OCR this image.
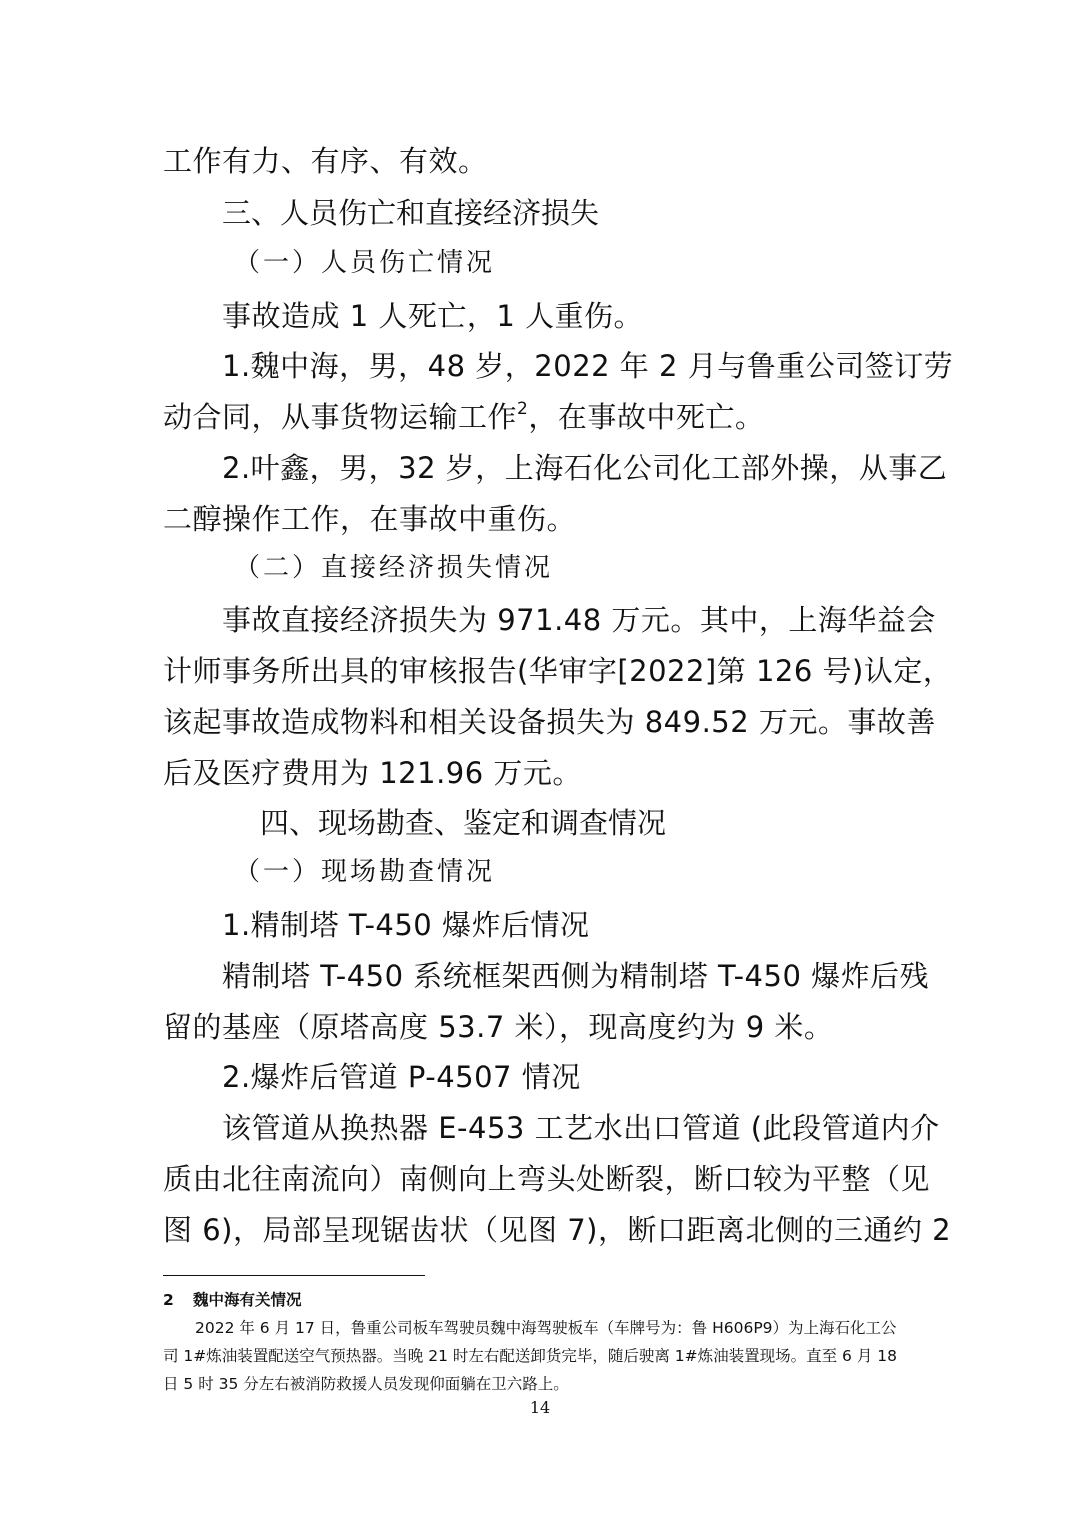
工作有力、有序、有效。
三、人员伤亡和直接经济损失
（一）人员伤亡情况
事故造成 1 人死亡，1 人重伤。
1.魏中海，男，48 岁，2022 年 2 月与鲁重公司签订劳
动合同，从事货物运输工作$^2$，在事故中死亡。
2.叶鑫，男，32 岁，上海石化公司化工部外操，从事乙
二醇操作工作，在事故中重伤。
（二）直接经济损失情况
事故直接经济损失为 971.48 万元。其中，上海华益会
计师事务所出具的审核报告(华审字[2022]第 126 号)认定，
该起事故造成物料和相关设备损失为 849.52 万元。事故善
后及医疗费用为 121.96 万元。
四、现场勘查、鉴定和调查情况
（一）现场勘查情况
1.精制塔 T-450 爆炸后情况
精制塔 T-450 系统框架西侧为精制塔 T-450 爆炸后残
留的基座（原塔高度 53.7 米），现高度约为 9 米。
2.爆炸后管道 P-4507 情况
该管道从换热器 E-453 工艺水出口管道 (此段管道内介
质由北往南流向）南侧向上弯头处断裂，断口较为平整（见
图 6)，局部呈现锯齿状（见图 7)，断口距离北侧的三通约 2
2 魏中海有关情况
2022 年 6 月 17 日，鲁重公司板车驾驶员魏中海驾驶板车（车牌号为：鲁 H606P9）为上海石化工公
司 1#炼油装置配送空气预热器。当晚 21 时左右配送卸货完毕，随后驶离 1#炼油装置现场。直至 6 月 18
日 5 时 35 分左右被消防救援人员发现仰面躺在卫六路上。
14
